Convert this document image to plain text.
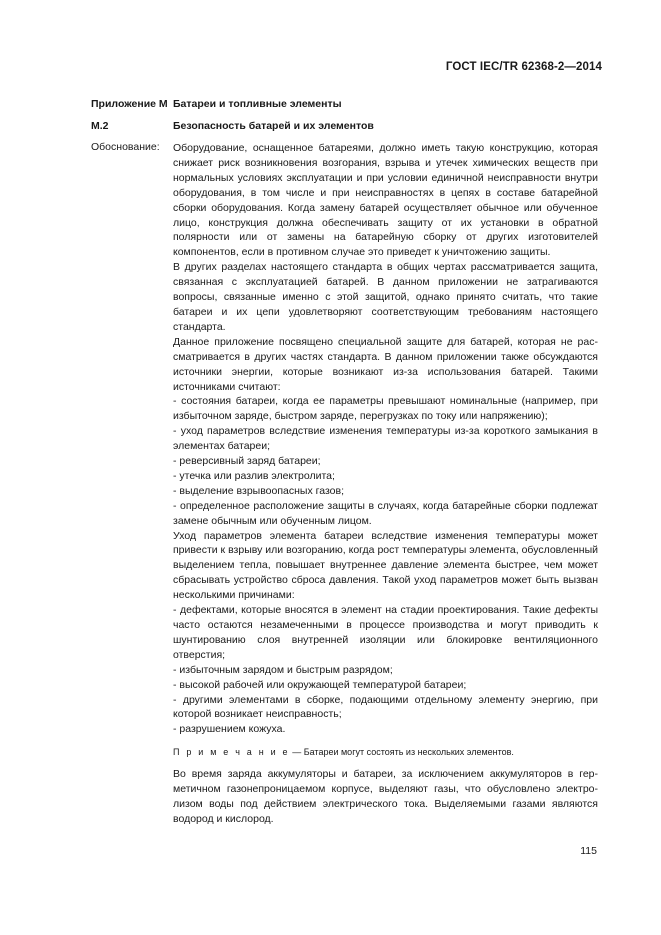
ГОСТ IEC/TR 62368-2—2014
Приложение М Батареи и топливные элементы
М.2	Безопасность батарей и их элементов
Обоснование: Оборудование, оснащенное батареями, должно иметь такую конструкцию, которая снижает риск возникновения возгорания, взрыва и утечек химических веществ при нормальных условиях эксплуатации и при условии единичной неисправности внутри оборудования, в том числе и при неисправностях в цепях в составе батарейной сборки оборудования. Когда замену батарей осуществляет обычное или обученное лицо, конструкция должна обеспечивать защиту от их установки в обратной полярности или от замены на батарейную сборку от других изготовителей компонентов, если в противном случае это приведет к уничтожению защиты.

В других разделах настоящего стандарта в общих чертах рассматривается защита, связанная с эксплуатацией батарей. В данном приложении не затрагиваются вопросы, связанные именно с этой защитой, однако принято считать, что такие батареи и их цепи удовлетворяют соответствующим требованиям настоящего стандарта.

Данное приложение посвящено специальной защите для батарей, которая не рассматривается в других частях стандарта. В данном приложении также обсуждаются источники энергии, которые возникают из-за использования батарей. Такими источниками считают:

- состояния батареи, когда ее параметры превышают номинальные (например, при избыточном заряде, быстром заряде, перегрузках по току или напряжению);

- уход параметров вследствие изменения температуры из-за короткого замыкания в элементах батареи;

- реверсивный заряд батареи;

- утечка или разлив электролита;

- выделение взрывоопасных газов;

- определенное расположение защиты в случаях, когда батарейные сборки подлежат замене обычным или обученным лицом.

Уход параметров элемента батареи вследствие изменения температуры может привести к взрыву или возгоранию, когда рост температуры элемента, обусловленный выделением тепла, повышает внутреннее давление элемента быстрее, чем может сбрасывать устройство сброса давления. Такой уход параметров может быть вызван несколькими причинами:

- дефектами, которые вносятся в элемент на стадии проектирования. Такие дефекты часто остаются незамеченными в процессе производства и могут приводить к шунтированию слоя внутренней изоляции или блокировке вентиляционного отверстия;

- избыточным зарядом и быстрым разрядом;

- высокой рабочей или окружающей температурой батареи;

- другими элементами в сборке, подающими отдельному элементу энергию, при которой возникает неисправность;

- разрушением кожуха.

П р и м е ч а н и е — Батареи могут состоять из нескольких элементов.

Во время заряда аккумуляторы и батареи, за исключением аккумуляторов в герметичном газонепроницаемом корпусе, выделяют газы, что обусловлено электролизом воды под действием электрического тока. Выделяемыми газами являются водород и кислород.

115
